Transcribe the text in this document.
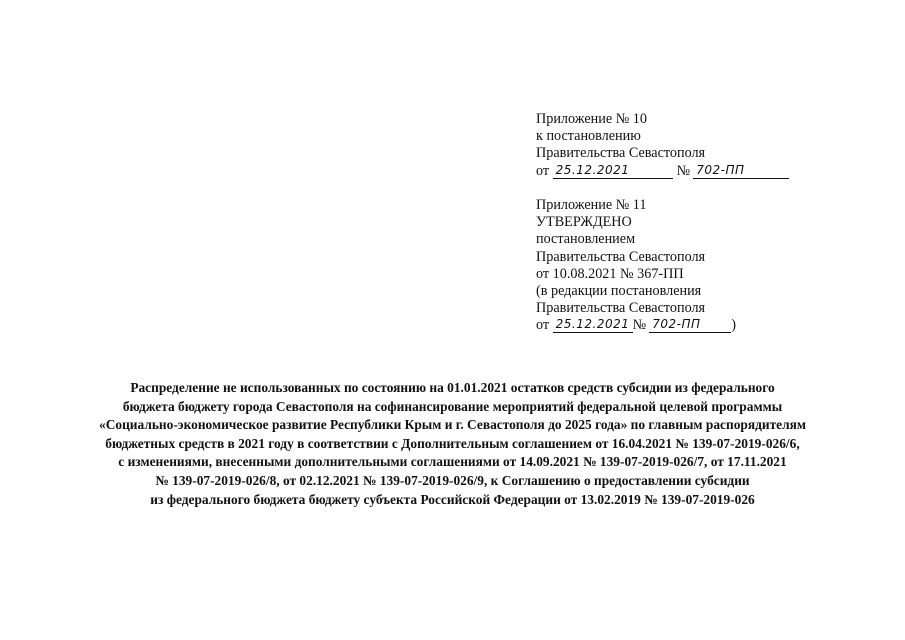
Приложение № 10
к постановлению
Правительства Севастополя
от 25.12.2021	№ 702-ПП
Приложение № 11
УТВЕРЖДЕНО
постановлением
Правительства Севастополя
от 10.08.2021 № 367-ПП
(в редакции постановления
Правительства Севастополя
от 25.12.2021 № 702-ПП )
Распределение не использованных по состоянию на 01.01.2021 остатков средств субсидии из федерального
бюджета бюджету города Севастополя на софинансирование мероприятий федеральной целевой программы
«Социально-экономическое развитие Республики Крым и г. Севастополя до 2025 года» по главным распорядителям
бюджетных средств в 2021 году в соответствии с Дополнительным соглашением от 16.04.2021 № 139-07-2019-026/6,
с изменениями, внесенными дополнительными соглашениями от 14.09.2021 № 139-07-2019-026/7, от 17.11.2021
№ 139-07-2019-026/8, от 02.12.2021 № 139-07-2019-026/9, к Соглашению о предоставлении субсидии
из федерального бюджета бюджету субъекта Российской Федерации от 13.02.2019 № 139-07-2019-026
